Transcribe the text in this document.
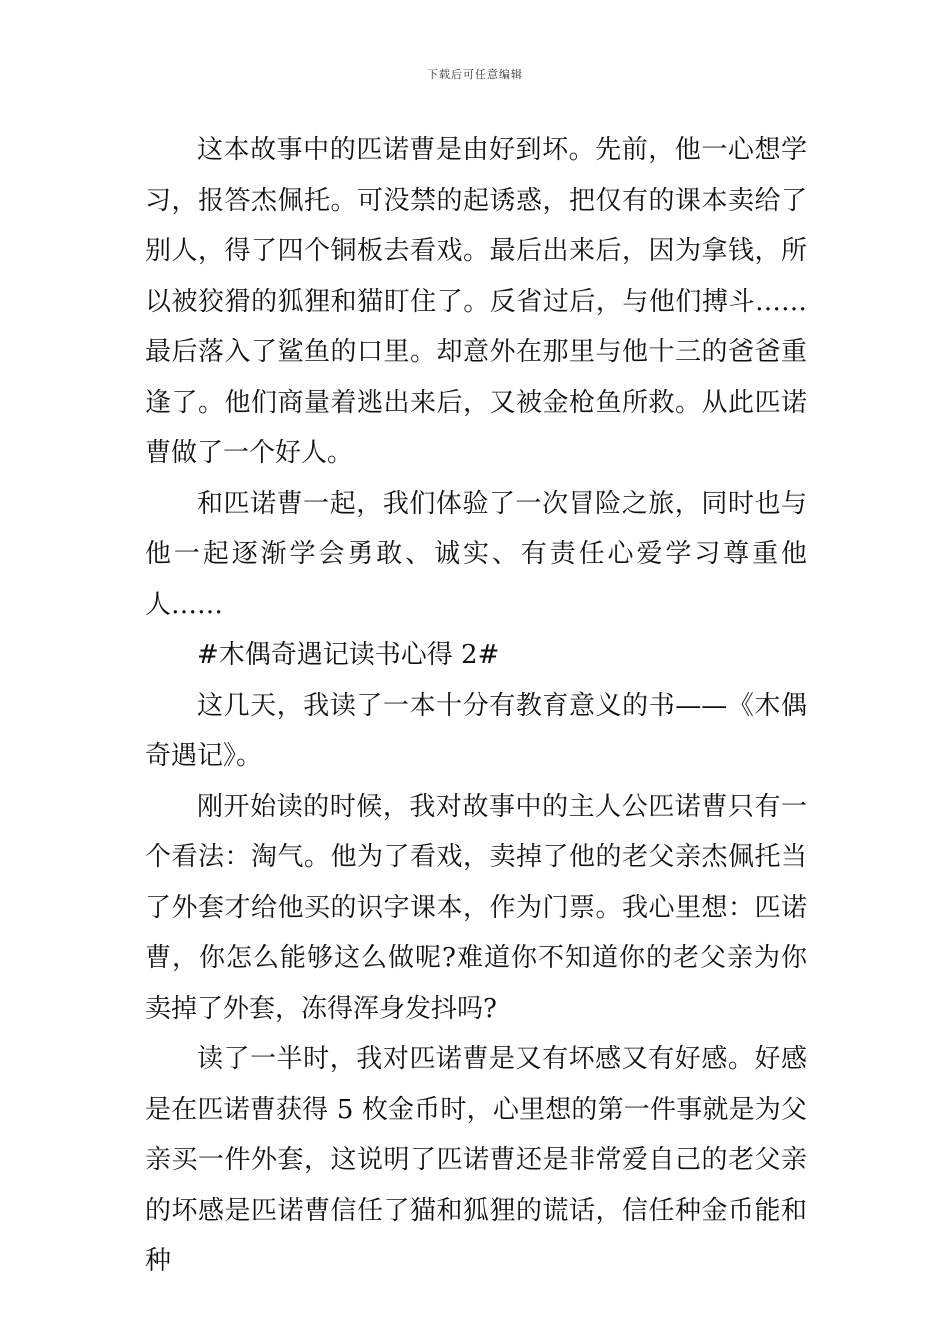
下载后可任意编辑

这本故事中的匹诺曹是由好到坏。先前，他一心想学习，报答杰佩托。可没禁的起诱惑，把仅有的课本卖给了别人，得了四个铜板去看戏。最后出来后，因为拿钱，所以被狡猾的狐狸和猫盯住了。反省过后，与他们搏斗……最后落入了鲨鱼的口里。却意外在那里与他十三的爸爸重逢了。他们商量着逃出来后，又被金枪鱼所救。从此匹诺曹做了一个好人。

和匹诺曹一起，我们体验了一次冒险之旅，同时也与他一起逐渐学会勇敢、诚实、有责任心爱学习尊重他人……

#木偶奇遇记读书心得 2#

这几天，我读了一本十分有教育意义的书——《木偶奇遇记》。

刚开始读的时候，我对故事中的主人公匹诺曹只有一个看法：淘气。他为了看戏，卖掉了他的老父亲杰佩托当了外套才给他买的识字课本，作为门票。我心里想：匹诺曹，你怎么能够这么做呢?难道你不知道你的老父亲为你卖掉了外套，冻得浑身发抖吗?

读了一半时，我对匹诺曹是又有坏感又有好感。好感是在匹诺曹获得 5 枚金币时，心里想的第一件事就是为父亲买一件外套，这说明了匹诺曹还是非常爱自己的老父亲的坏感是匹诺曹信任了猫和狐狸的谎话，信任种金币能和种
